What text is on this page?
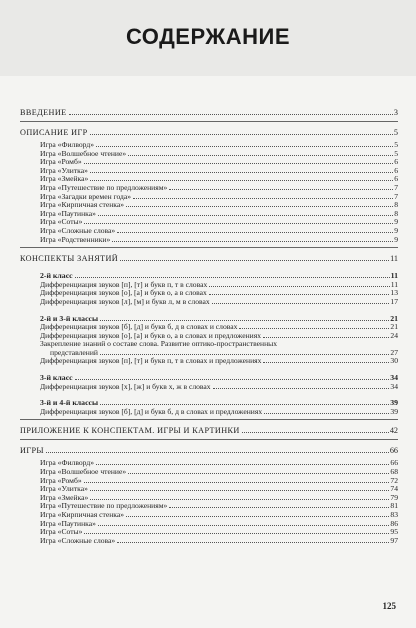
СОДЕРЖАНИЕ
ВВЕДЕНИЕ	3
ОПИСАНИЕ ИГР	5
Игра «Филворд»	5
Игра «Волшебное чтение»	5
Игра «Ромб»	6
Игра «Улитка»	6
Игра «Змейка»	6
Игра «Путешествие по предложениям»	7
Игра «Загадки времен года»	7
Игра «Кирпичная стенка»	8
Игра «Паутинка»	8
Игра «Соты»	9
Игра «Сложные слова»	9
Игра «Родственники»	9
КОНСПЕКТЫ ЗАНЯТИЙ	11
2-й класс	11
Дифференциация звуков [п], [т] и букв п, т в словах	11
Дифференциация звуков [о], [а] и букв о, а в словах	13
Дифференциация звуков [л], [м] и букв л, м в словах	17
2-й и 3-й классы	21
Дифференциация звуков [б], [д] и букв б, д в словах и словах	21
Дифференциация звуков [о], [а] и букв о, а в словах и предложениях	24
Закрепление знаний о составе слова. Развитие оптико-пространственных
представлений	27
Дифференциация звуков [п], [т] и букв п, т в словах и предложениях	30
3-й класс	34
Дифференциация звуков [х], [ж] и букв х, ж в словах	34
3-й и 4-й классы	39
Дифференциация звуков [б], [д] и букв б, д в словах и предложениях	39
ПРИЛОЖЕНИЕ К КОНСПЕКТАМ. ИГРЫ И КАРТИНКИ	42
ИГРЫ	66
Игра «Филворд»	66
Игра «Волшебное чтение»	68
Игра «Ромб»	72
Игра «Улитка»	74
Игра «Змейка»	79
Игра «Путешествие по предложениям»	81
Игра «Кирпичная стенка»	83
Игра «Паутинка»	86
Игра «Соты»	95
Игра «Сложные слова»	97
125
